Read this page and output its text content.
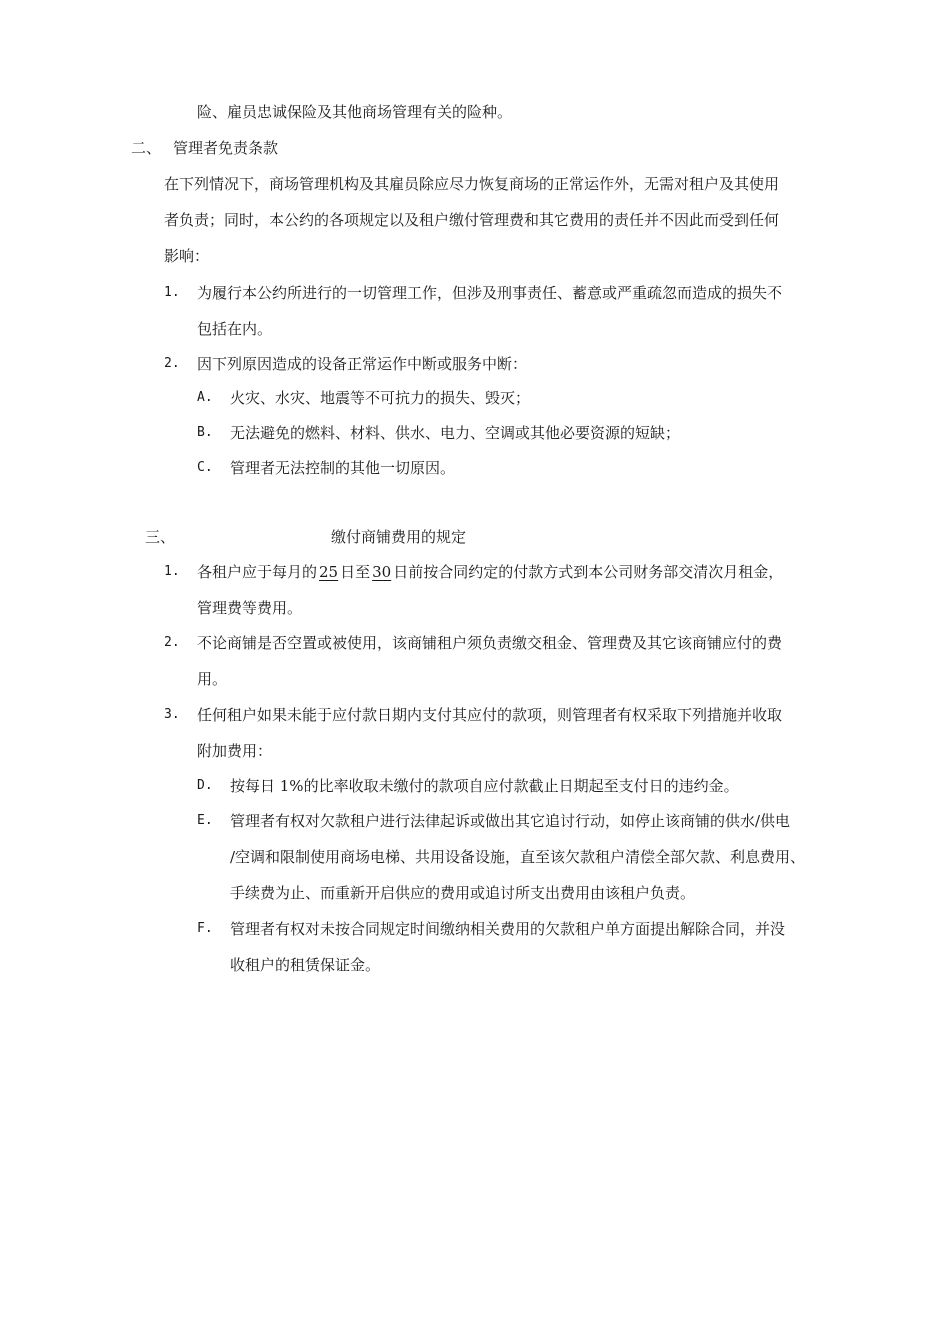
险、雇员忠诚保险及其他商场管理有关的险种。
二、 管理者免责条款
在下列情况下，商场管理机构及其雇员除应尽力恢复商场的正常运作外，无需对租户及其使用
者负责；同时，本公约的各项规定以及租户缴付管理费和其它费用的责任并不因此而受到任何
影响：
1. 为履行本公约所进行的一切管理工作，但涉及刑事责任、蓄意或严重疏忽而造成的损失不
包括在内。
2. 因下列原因造成的设备正常运作中断或服务中断：
A. 火灾、水灾、地震等不可抗力的损失、毁灭；
B. 无法避免的燃料、材料、供水、电力、空调或其他必要资源的短缺；
C. 管理者无法控制的其他一切原因。
三、	缴付商铺费用的规定
1. 各租户应于每月的 25 日至 30 日前按合同约定的付款方式到本公司财务部交清次月租金，
管理费等费用。
2. 不论商铺是否空置或被使用，该商铺租户须负责缴交租金、管理费及其它该商铺应付的费
用。
3. 任何租户如果未能于应付款日期内支付其应付的款项，则管理者有权采取下列措施并收取
附加费用：
D. 按每日 1%的比率收取未缴付的款项自应付款截止日期起至支付日的违约金。
E. 管理者有权对欠款租户进行法律起诉或做出其它追讨行动，如停止该商铺的供水/供电
/空调和限制使用商场电梯、共用设备设施，直至该欠款租户清偿全部欠款、利息费用、
手续费为止、而重新开启供应的费用或追讨所支出费用由该租户负责。
F. 管理者有权对未按合同规定时间缴纳相关费用的欠款租户单方面提出解除合同，并没
收租户的租赁保证金。
